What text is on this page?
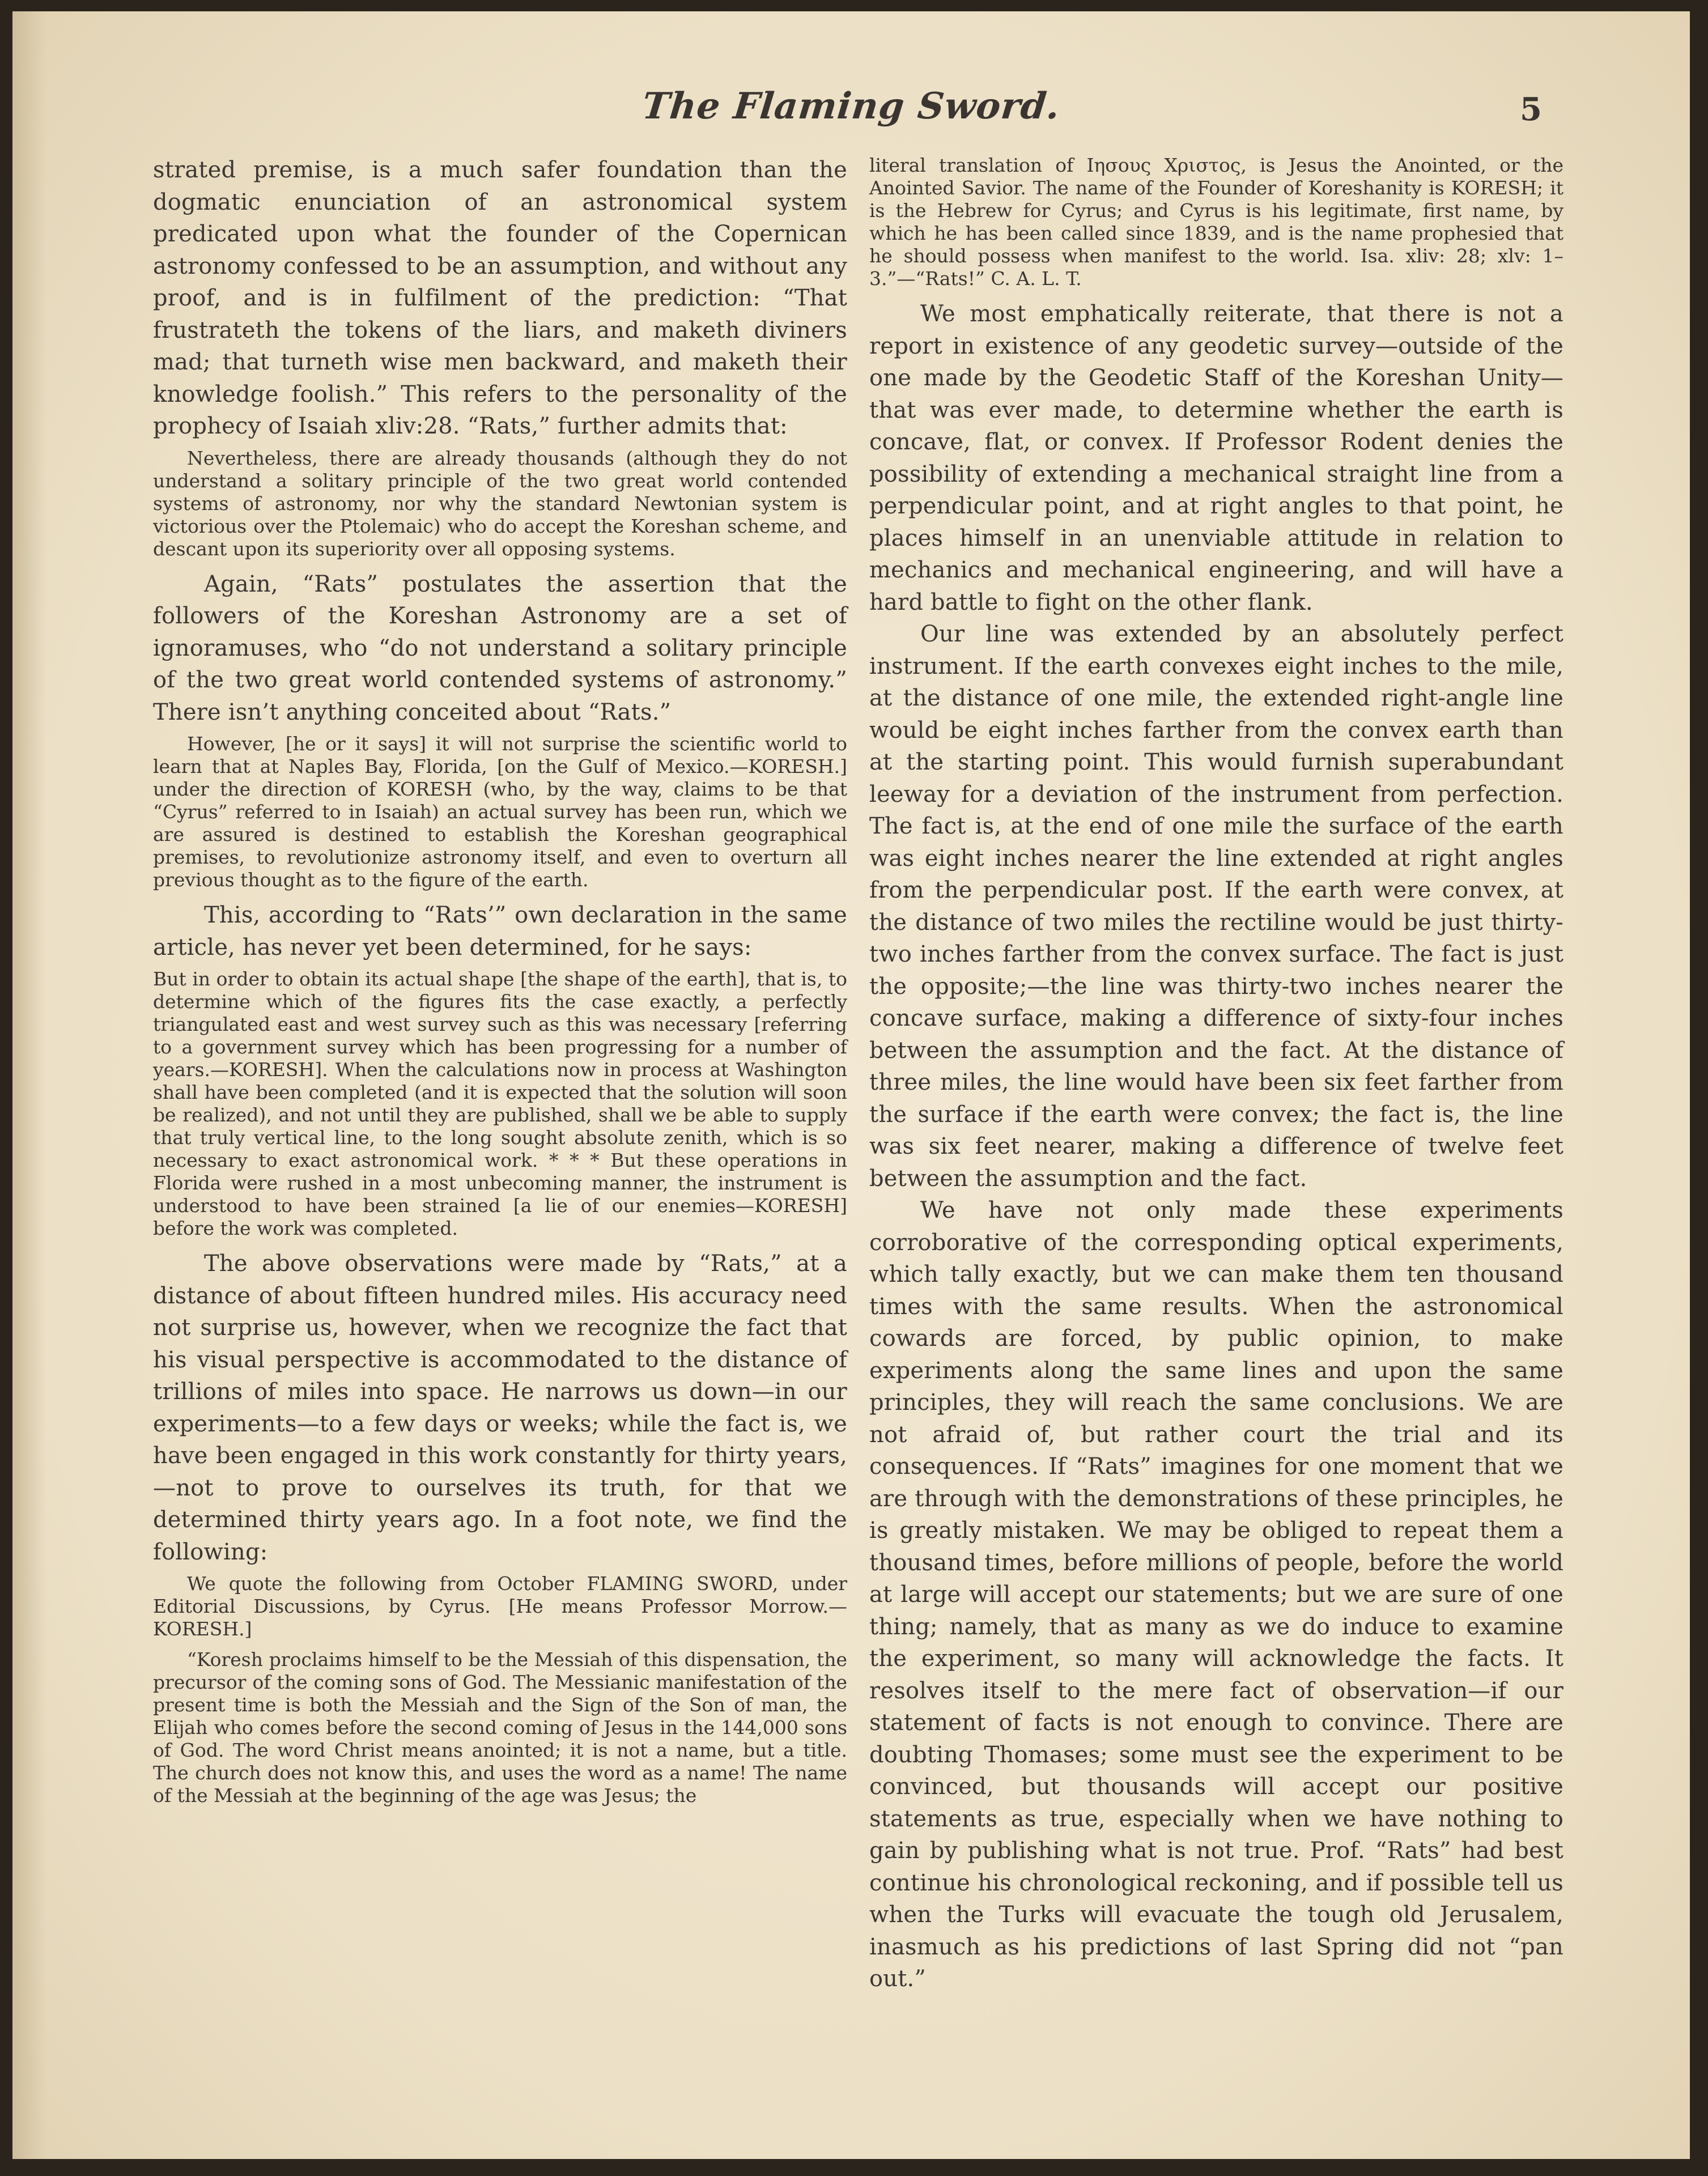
The Flaming Sword.	5

strated premise, is a much safer foundation than the dogmatic enunciation of an astronomical system predicated upon what the founder of the Copernican astronomy confessed to be an assumption, and without any proof, and is in fulfilment of the prediction: “That frustrateth the tokens of the liars, and maketh diviners mad; that turneth wise men backward, and maketh their knowledge foolish.” This refers to the personality of the prophecy of Isaiah xliv:28. “Rats,” further admits that:

Nevertheless, there are already thousands (although they do not understand a solitary principle of the two great world contended systems of astronomy, nor why the standard Newtonian system is victorious over the Ptolemaic) who do accept the Koreshan scheme, and descant upon its superiority over all opposing systems.

Again, “Rats” postulates the assertion that the followers of the Koreshan Astronomy are a set of ignoramuses, who “do not understand a solitary principle of the two great world contended systems of astronomy.” There isn’t anything conceited about “Rats.”

However, [he or it says] it will not surprise the scientific world to learn that at Naples Bay, Florida, [on the Gulf of Mexico.—KORESH.] under the direction of KORESH (who, by the way, claims to be that “Cyrus” referred to in Isaiah) an actual survey has been run, which we are assured is destined to establish the Koreshan geographical premises, to revolutionize astronomy itself, and even to overturn all previous thought as to the figure of the earth.

This, according to “Rats’” own declaration in the same article, has never yet been determined, for he says:

But in order to obtain its actual shape [the shape of the earth], that is, to determine which of the figures fits the case exactly, a perfectly triangulated east and west survey such as this was necessary [referring to a government survey which has been progressing for a number of years.—KORESH]. When the calculations now in process at Washington shall have been completed (and it is expected that the solution will soon be realized), and not until they are published, shall we be able to supply that truly vertical line, to the long sought absolute zenith, which is so necessary to exact astronomical work. * * * But these operations in Florida were rushed in a most unbecoming manner, the instrument is understood to have been strained [a lie of our enemies—KORESH] before the work was completed.

The above observations were made by “Rats,” at a distance of about fifteen hundred miles. His accuracy need not surprise us, however, when we recognize the fact that his visual perspective is accommodated to the distance of trillions of miles into space. He narrows us down—in our experiments—to a few days or weeks; while the fact is, we have been engaged in this work constantly for thirty years,—not to prove to ourselves its truth, for that we determined thirty years ago. In a foot note, we find the following:

We quote the following from October FLAMING SWORD, under Editorial Discussions, by Cyrus. [He means Professor Morrow.—KORESH.]

“Koresh proclaims himself to be the Messiah of this dispensation, the precursor of the coming sons of God. The Messianic manifestation of the present time is both the Messiah and the Sign of the Son of man, the Elijah who comes before the second coming of Jesus in the 144,000 sons of God. The word Christ means anointed; it is not a name, but a title. The church does not know this, and uses the word as a name! The name of the Messiah at the beginning of the age was Jesus; the

literal translation of Ιησους Χριστος, is Jesus the Anointed, or the Anointed Savior. The name of the Founder of Koreshanity is KORESH; it is the Hebrew for Cyrus; and Cyrus is his legitimate, first name, by which he has been called since 1839, and is the name prophesied that he should possess when manifest to the world. Isa. xliv: 28; xlv: 1–3.”—“Rats!” C. A. L. T.

We most emphatically reiterate, that there is not a report in existence of any geodetic survey—outside of the one made by the Geodetic Staff of the Koreshan Unity—that was ever made, to determine whether the earth is concave, flat, or convex. If Professor Rodent denies the possibility of extending a mechanical straight line from a perpendicular point, and at right angles to that point, he places himself in an unenviable attitude in relation to mechanics and mechanical engineering, and will have a hard battle to fight on the other flank.

Our line was extended by an absolutely perfect instrument. If the earth convexes eight inches to the mile, at the distance of one mile, the extended right-angle line would be eight inches farther from the convex earth than at the starting point. This would furnish superabundant leeway for a deviation of the instrument from perfection. The fact is, at the end of one mile the surface of the earth was eight inches nearer the line extended at right angles from the perpendicular post. If the earth were convex, at the distance of two miles the rectiline would be just thirty-two inches farther from the convex surface. The fact is just the opposite;—the line was thirty-two inches nearer the concave surface, making a difference of sixty-four inches between the assumption and the fact. At the distance of three miles, the line would have been six feet farther from the surface if the earth were convex; the fact is, the line was six feet nearer, making a difference of twelve feet between the assumption and the fact.

We have not only made these experiments corroborative of the corresponding optical experiments, which tally exactly, but we can make them ten thousand times with the same results. When the astronomical cowards are forced, by public opinion, to make experiments along the same lines and upon the same principles, they will reach the same conclusions. We are not afraid of, but rather court the trial and its consequences. If “Rats” imagines for one moment that we are through with the demonstrations of these principles, he is greatly mistaken. We may be obliged to repeat them a thousand times, before millions of people, before the world at large will accept our statements; but we are sure of one thing; namely, that as many as we do induce to examine the experiment, so many will acknowledge the facts. It resolves itself to the mere fact of observation—if our statement of facts is not enough to convince. There are doubting Thomases; some must see the experiment to be convinced, but thousands will accept our positive statements as true, especially when we have nothing to gain by publishing what is not true. Prof. “Rats” had best continue his chronological reckoning, and if possible tell us when the Turks will evacuate the tough old Jerusalem, inasmuch as his predictions of last Spring did not “pan out.”
